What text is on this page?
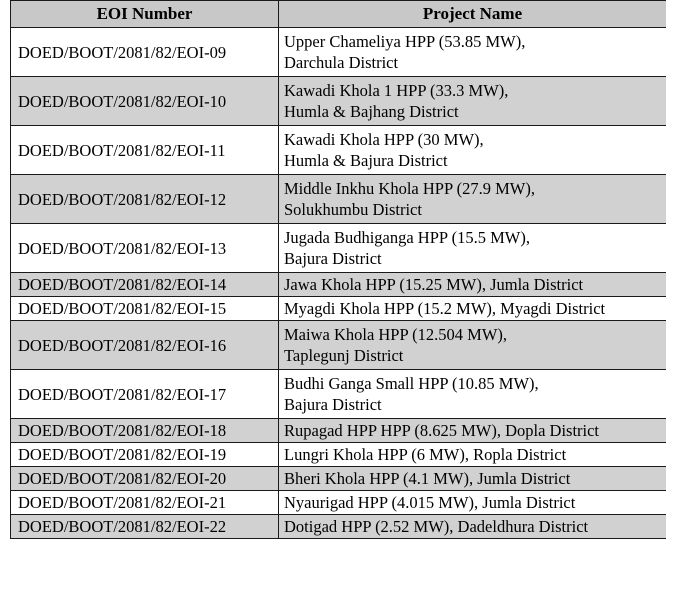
EOI Number	Project Name
DOED/BOOT/2081/82/EOI-09	Upper Chameliya HPP (53.85 MW),
Darchula District

DOED/BOOT/2081/82/EOI-10	Kawadi Khola 1 HPP (33.3 MW),
Humla & Bajhang District

DOED/BOOT/2081/82/EOI-11	Kawadi Khola HPP (30 MW),
Humla & Bajura District

DOED/BOOT/2081/82/EOI-12	Middle Inkhu Khola HPP (27.9 MW),
Solukhumbu District

DOED/BOOT/2081/82/EOI-13	Jugada Budhiganga HPP (15.5 MW),
Bajura District

DOED/BOOT/2081/82/EOI-14	Jawa Khola HPP (15.25 MW), Jumla District

DOED/BOOT/2081/82/EOI-15	Myagdi Khola HPP (15.2 MW), Myagdi District

DOED/BOOT/2081/82/EOI-16	Maiwa Khola HPP (12.504 MW),
Taplegunj District

DOED/BOOT/2081/82/EOI-17	Budhi Ganga Small HPP (10.85 MW),
Bajura District

DOED/BOOT/2081/82/EOI-18	Rupagad HPP HPP (8.625 MW), Dopla District

DOED/BOOT/2081/82/EOI-19	Lungri Khola HPP (6 MW), Ropla District

DOED/BOOT/2081/82/EOI-20	Bheri Khola HPP (4.1 MW), Jumla District

DOED/BOOT/2081/82/EOI-21	Nyaurigad HPP (4.015 MW), Jumla District

DOED/BOOT/2081/82/EOI-22	Dotigad HPP (2.52 MW), Dadeldhura District
